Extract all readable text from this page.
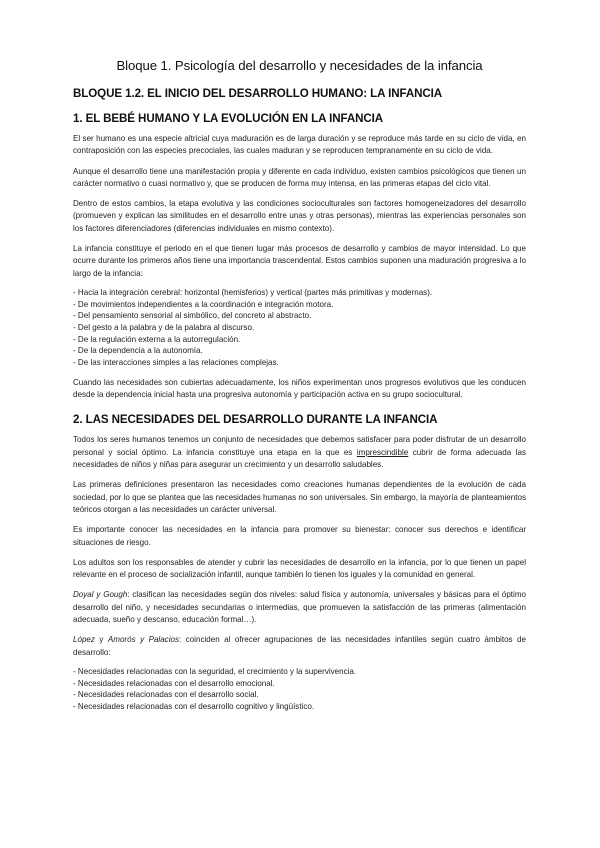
Bloque 1. Psicología del desarrollo y necesidades de la infancia
BLOQUE 1.2. EL INICIO DEL DESARROLLO HUMANO: LA INFANCIA
1. EL BEBÉ HUMANO Y LA EVOLUCIÓN EN LA INFANCIA

El ser humano es una especie altricial cuya maduración es de larga duración y se reproduce más tarde en su ciclo de vida, en contraposición con las especies precociales, las cuales maduran y se reproducen tempranamente en su ciclo de vida.

Aunque el desarrollo tiene una manifestación propia y diferente en cada individuo, existen cambios psicológicos que tienen un carácter normativo o cuasi normativo y, que se producen de forma muy intensa, en las primeras etapas del ciclo vital.

Dentro de estos cambios, la etapa evolutiva y las condiciones socioculturales son factores homogeneizadores del desarrollo (promueven y explican las similitudes en el desarrollo entre unas y otras personas), mientras las experiencias personales son los factores diferenciadores (diferencias individuales en mismo contexto).

La infancia constituye el periodo en el que tienen lugar más procesos de desarrollo y cambios de mayor intensidad. Lo que ocurre durante los primeros años tiene una importancia trascendental. Estos cambios suponen una maduración progresiva a lo largo de la infancia:

- Hacia la integración cerebral: horizontal (hemisferios) y vertical (partes más primitivas y modernas).
- De movimientos independientes a la coordinación e integración motora.
- Del pensamiento sensorial al simbólico, del concreto al abstracto.
- Del gesto a la palabra y de la palabra al discurso.
- De la regulación externa a la autorregulación.
- De la dependencia a la autonomía.
- De las interacciones simples a las relaciones complejas.

Cuando las necesidades son cubiertas adecuadamente, los niños experimentan unos progresos evolutivos que les conducen desde la dependencia inicial hasta una progresiva autonomía y participación activa en su grupo sociocultural.

2. LAS NECESIDADES DEL DESARROLLO DURANTE LA INFANCIA

Todos los seres humanos tenemos un conjunto de necesidades que debemos satisfacer para poder disfrutar de un desarrollo personal y social óptimo. La infancia constituye una etapa en la que es imprescindible cubrir de forma adecuada las necesidades de niños y niñas para asegurar un crecimiento y un desarrollo saludables.

Las primeras definiciones presentaron las necesidades como creaciones humanas dependientes de la evolución de cada sociedad, por lo que se plantea que las necesidades humanas no son universales. Sin embargo, la mayoría de planteamientos teóricos otorgan a las necesidades un carácter universal.

Es importante conocer las necesidades en la infancia para promover su bienestar: conocer sus derechos e identificar situaciones de riesgo.

Los adultos son los responsables de atender y cubrir las necesidades de desarrollo en la infancia, por lo que tienen un papel relevante en el proceso de socialización infantil, aunque también lo tienen los iguales y la comunidad en general.

Doyal y Gough: clasifican las necesidades según dos niveles: salud física y autonomía, universales y básicas para el óptimo desarrollo del niño, y necesidades secundarias o intermedias, que promueven la satisfacción de las primeras (alimentación adecuada, sueño y descanso, educación formal…).

López y Amorós y Palacios: coinciden al ofrecer agrupaciones de las necesidades infantiles según cuatro ámbitos de desarrollo:

- Necesidades relacionadas con la seguridad, el crecimiento y la supervivencia.
- Necesidades relacionadas con el desarrollo emocional.
- Necesidades relacionadas con el desarrollo social.
- Necesidades relacionadas con el desarrollo cognitivo y lingüístico.
